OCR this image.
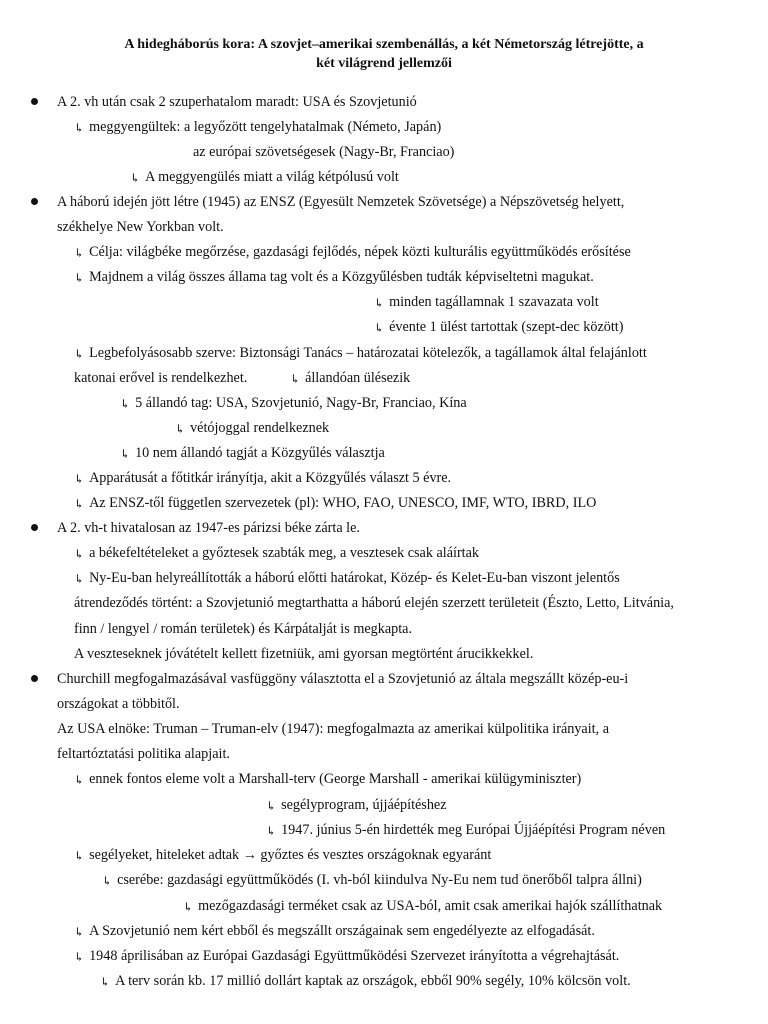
A hidegháborús kora: A szovjet–amerikai szembenállás, a két Németország létrejötte, a
két világrend jellemzői
A 2. vh után csak 2 szuperhatalom maradt: USA és Szovjetunió
↳ meggyengültek: a legyőzött tengelyhatalmak (Németo, Japán)
az európai szövetségesek (Nagy-Br, Franciao)
↳ A meggyengülés miatt a világ kétpólusú volt
A háború idején jött létre (1945) az ENSZ (Egyesült Nemzetek Szövetsége) a Népszövetség helyett,
székhelye New Yorkban volt.
↳ Célja: világbéke megőrzése, gazdasági fejlődés, népek közti kulturális együttműködés erősítése
↳ Majdnem a világ összes állama tag volt és a Közgyűlésben tudták képviseltetni magukat.
↳ minden tagállamnak 1 szavazata volt
↳ évente 1 ülést tartottak (szept-dec között)
↳ Legbefolyásosabb szerve: Biztonsági Tanács – határozatai kötelezők, a tagállamok által felajánlott
katonai erővel is rendelkezhet.	↳ állandóan ülésezik
↳ 5 állandó tag: USA, Szovjetunió, Nagy-Br, Franciao, Kína
↳ vétójoggal rendelkeznek
↳ 10 nem állandó tagját a Közgyűlés választja
↳ Apparátusát a főtitkár irányítja, akit a Közgyűlés választ 5 évre.
↳ Az ENSZ-től független szervezetek (pl): WHO, FAO, UNESCO, IMF, WTO, IBRD, ILO
A 2. vh-t hivatalosan az 1947-es párizsi béke zárta le.
↳ a békefeltételeket a győztesek szabták meg, a vesztesek csak aláírtak
↳ Ny-Eu-ban helyreállították a háború előtti határokat, Közép- és Kelet-Eu-ban viszont jelentős
átrendeződés történt: a Szovjetunió megtarthatta a háború elején szerzett területeit (Észto, Letto, Litvánia,
finn / lengyel / román területek) és Kárpátalját is megkapta.
A veszteseknek jóvátételt kellett fizetniük, ami gyorsan megtörtént árucikkekkel.
Churchill megfogalmazásával vasfüggöny választotta el a Szovjetunió az általa megszállt közép-eu-i
országokat a többitől.
Az USA elnöke: Truman – Truman-elv (1947): megfogalmazta az amerikai külpolitika irányait, a
feltartóztatási politika alapjait.
↳ ennek fontos eleme volt a Marshall-terv (George Marshall - amerikai külügyminiszter)
↳ segélyprogram, újjáépítéshez
↳ 1947. június 5-én hirdették meg Európai Újjáépítési Program néven
↳ segélyeket, hiteleket adtak → győztes és vesztes országoknak egyaránt
↳ cserébe: gazdasági együttműködés (I. vh-ból kiindulva Ny-Eu nem tud önerőből talpra állni)
↳ mezőgazdasági terméket csak az USA-ból, amit csak amerikai hajók szállíthatnak
↳ A Szovjetunió nem kért ebből és megszállt országainak sem engedélyezte az elfogadását.
↳ 1948 áprilisában az Európai Gazdasági Együttműködési Szervezet irányította a végrehajtását.
↳ A terv során kb. 17 millió dollárt kaptak az országok, ebből 90% segély, 10% kölcsön volt.
